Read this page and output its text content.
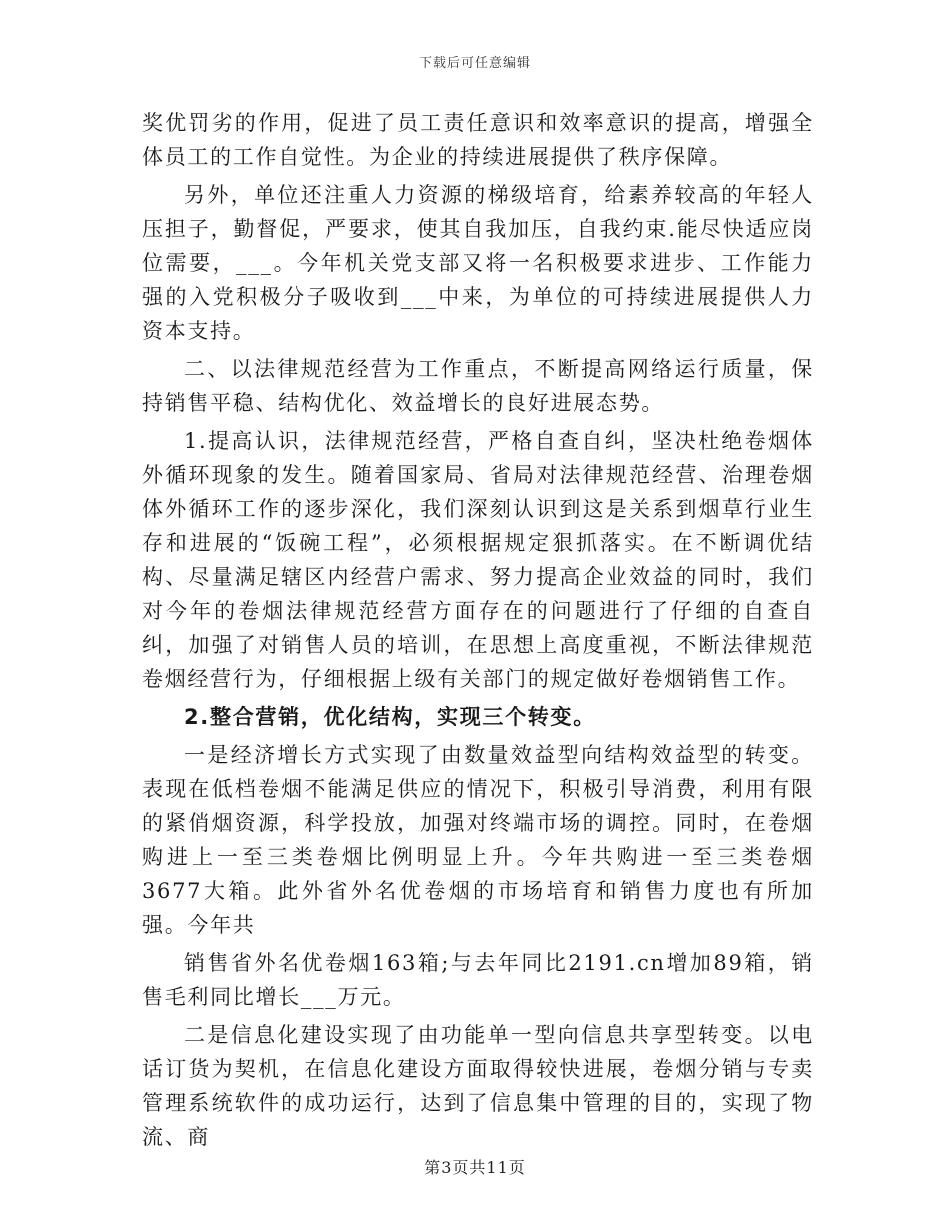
下载后可任意编辑

奖优罚劣的作用，促进了员工责任意识和效率意识的提高，增强全体员工的工作自觉性。为企业的持续进展提供了秩序保障。

另外，单位还注重人力资源的梯级培育，给素养较高的年轻人压担子，勤督促，严要求，使其自我加压，自我约束.能尽快适应岗位需要，___。今年机关党支部又将一名积极要求进步、工作能力强的入党积极分子吸收到___中来，为单位的可持续进展提供人力资本支持。

二、以法律规范经营为工作重点，不断提高网络运行质量，保持销售平稳、结构优化、效益增长的良好进展态势。

1.提高认识，法律规范经营，严格自查自纠，坚决杜绝卷烟体外循环现象的发生。随着国家局、省局对法律规范经营、治理卷烟体外循环工作的逐步深化，我们深刻认识到这是关系到烟草行业生存和进展的“饭碗工程”，必须根据规定狠抓落实。在不断调优结构、尽量满足辖区内经营户需求、努力提高企业效益的同时，我们对今年的卷烟法律规范经营方面存在的问题进行了仔细的自查自纠，加强了对销售人员的培训，在思想上高度重视，不断法律规范卷烟经营行为，仔细根据上级有关部门的规定做好卷烟销售工作。

2.整合营销，优化结构，实现三个转变。

一是经济增长方式实现了由数量效益型向结构效益型的转变。表现在低档卷烟不能满足供应的情况下，积极引导消费，利用有限的紧俏烟资源，科学投放，加强对终端市场的调控。同时，在卷烟购进上一至三类卷烟比例明显上升。今年共购进一至三类卷烟3677大箱。此外省外名优卷烟的市场培育和销售力度也有所加强。今年共

销售省外名优卷烟163箱;与去年同比2191.cn增加89箱，销售毛利同比增长___万元。

二是信息化建设实现了由功能单一型向信息共享型转变。以电话订货为契机，在信息化建设方面取得较快进展，卷烟分销与专卖管理系统软件的成功运行，达到了信息集中管理的目的，实现了物流、商

第3页共11页
